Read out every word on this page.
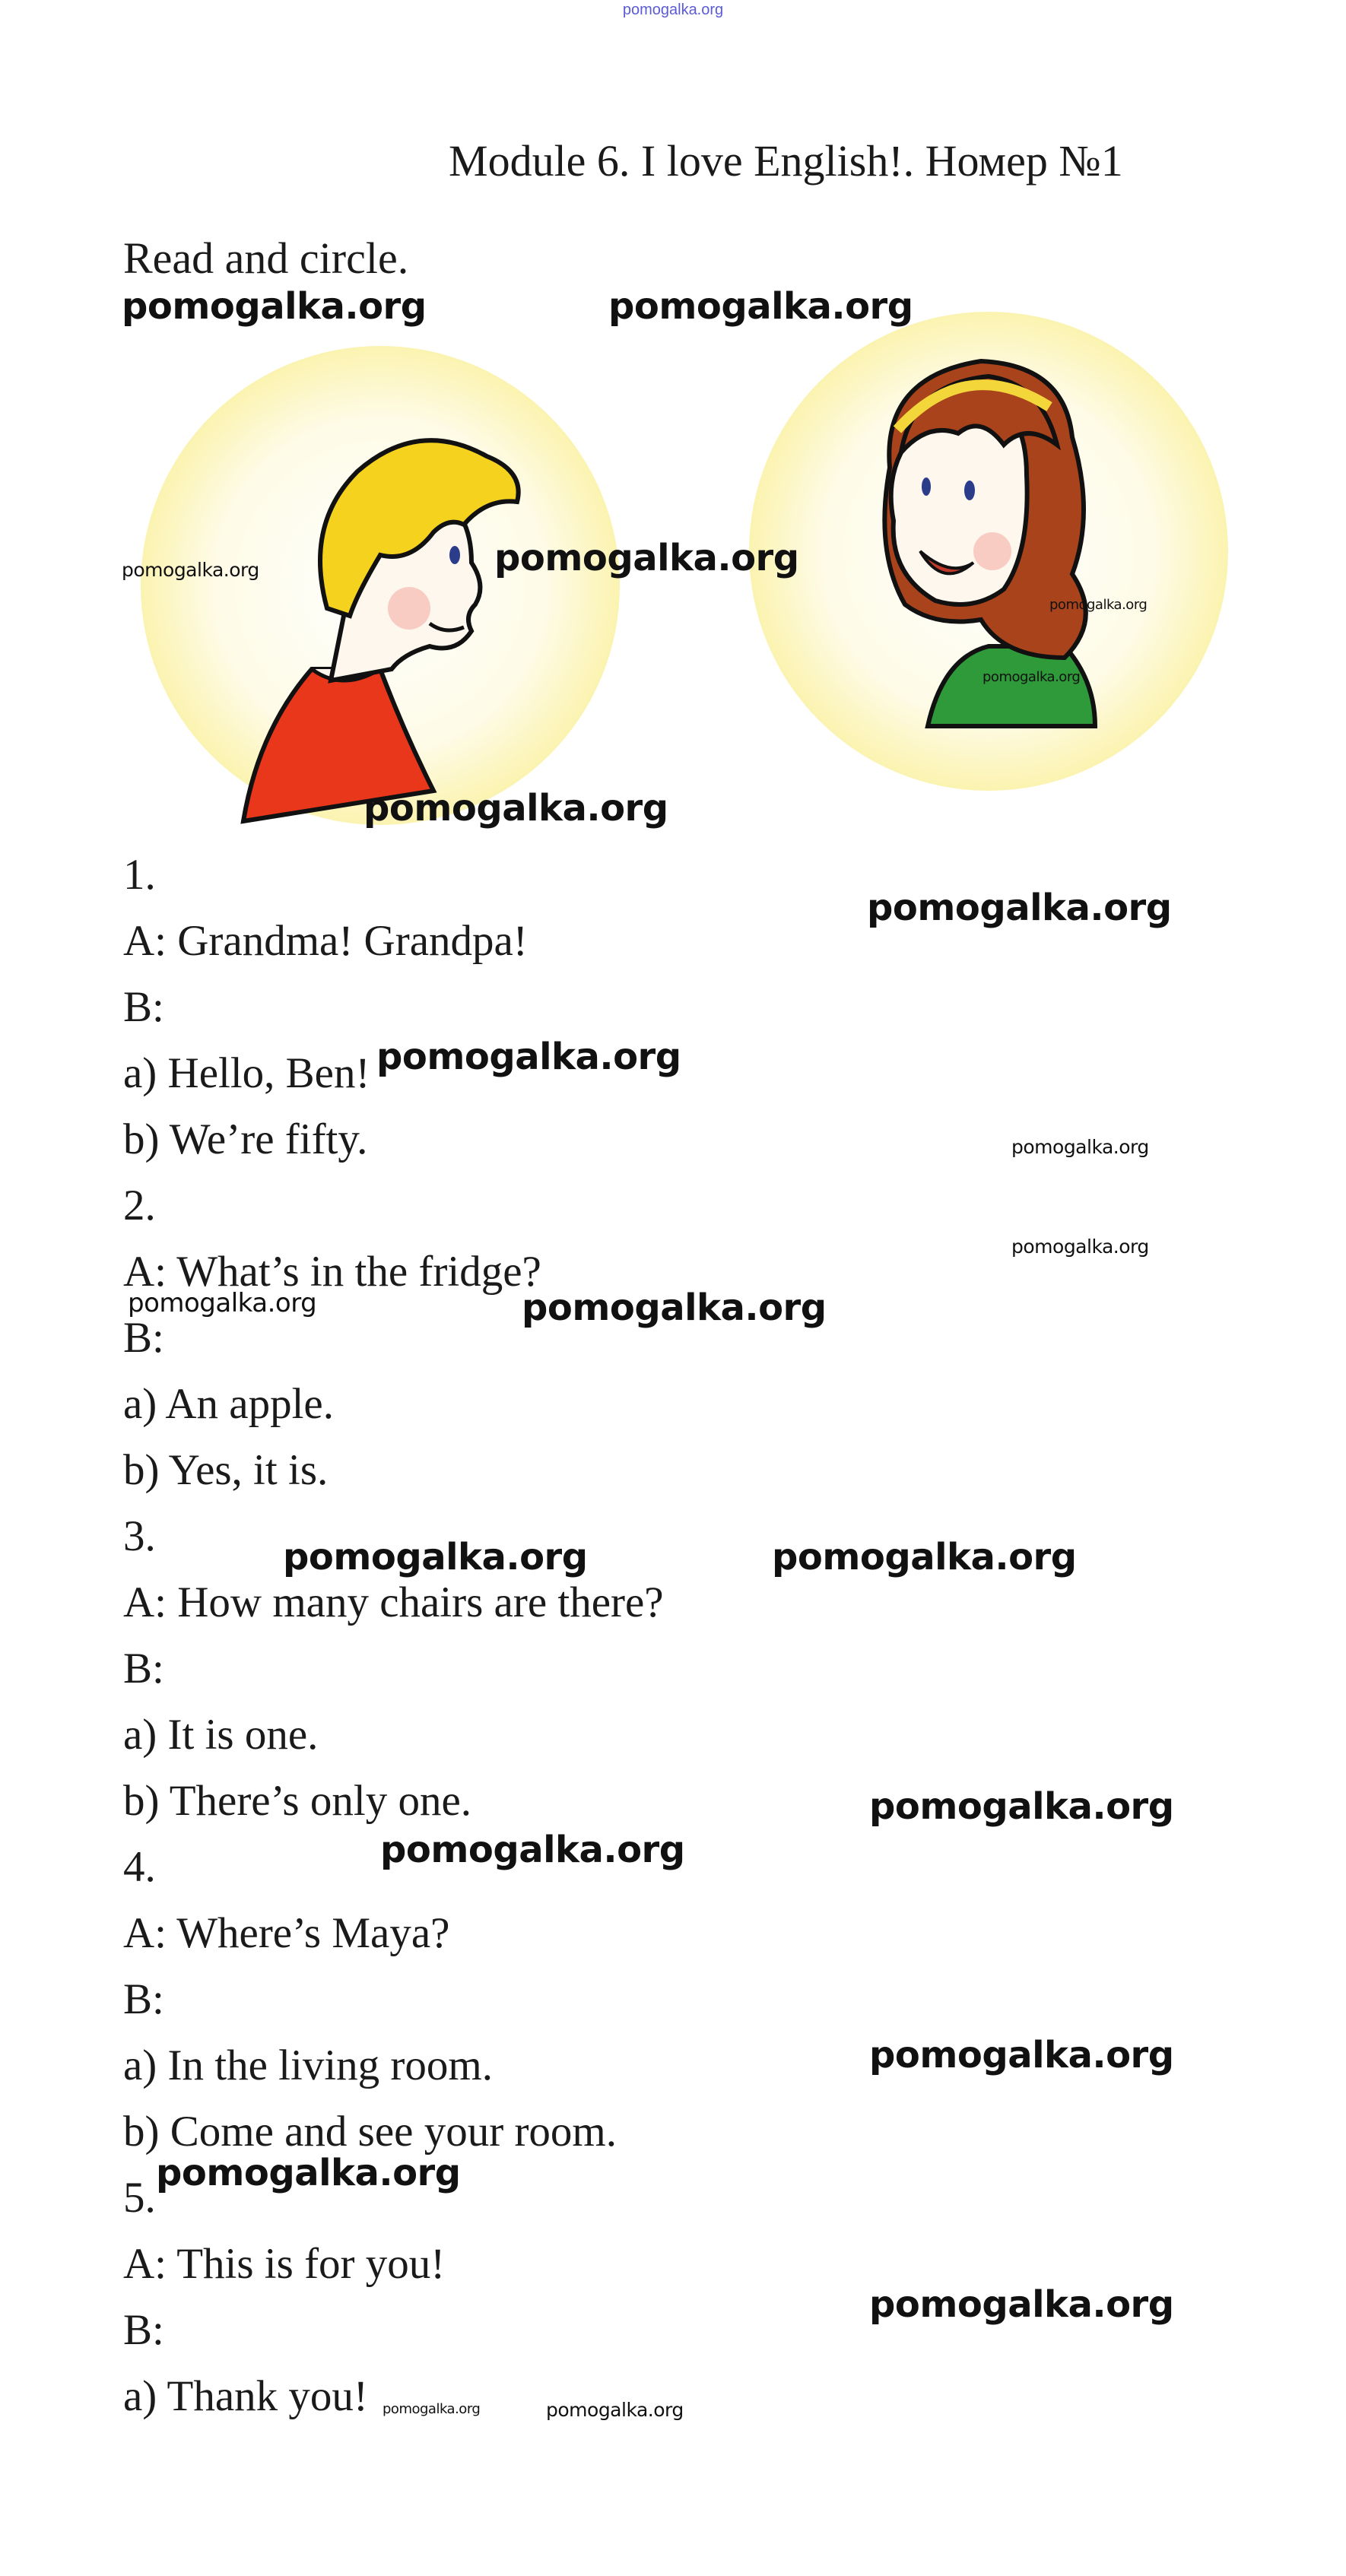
pomogalka.org
Module 6. I love English!. Номер №1
Read and circle.
1.
A: Grandma! Grandpa!
B:
a) Hello, Ben!
b) We’re fifty.
2.
A: What’s in the fridge?
B:
a) An apple.
b) Yes, it is.
3.
A: How many chairs are there?
B:
a) It is one.
b) There’s only one.
4.
A: Where’s Maya?
B:
a) In the living room.
b) Come and see your room.
5.
A: This is for you!
B:
a) Thank you!
pomogalka.org	pomogalka.org
pomogalka.org	pomogalka.org
pomogalka.org
pomogalka.org
pomogalka.org
pomogalka.org
pomogalka.org
pomogalka.org
pomogalka.org
pomogalka.org
pomogalka.org
pomogalka.org	pomogalka.org
pomogalka.org
pomogalka.org
pomogalka.org
pomogalka.org
pomogalka.org
pomogalka.org	pomogalka.org
